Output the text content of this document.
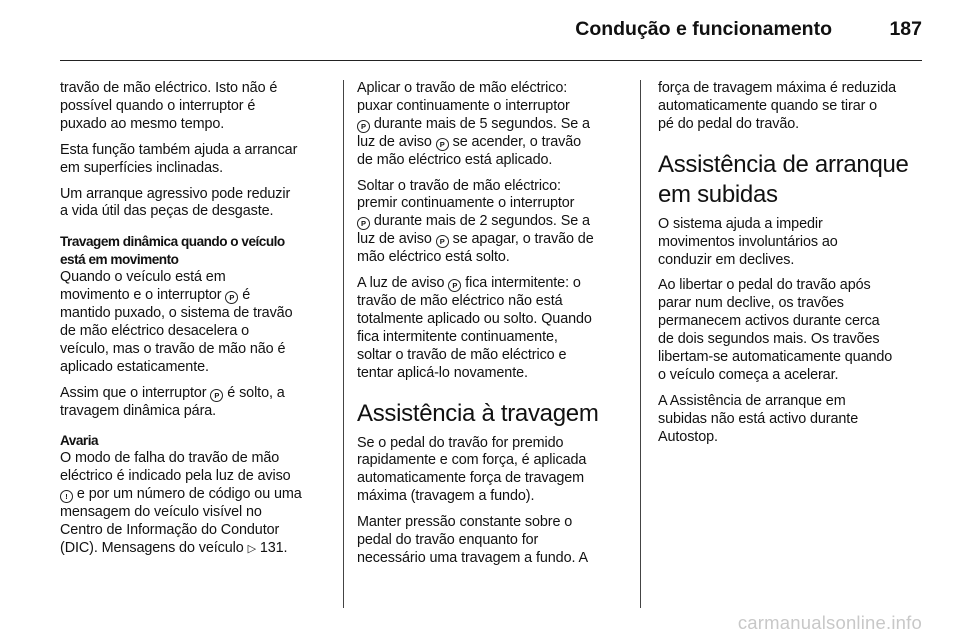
Condução e funcionamento	187

travão de mão eléctrico. Isto não é
possível quando o interruptor é
puxado ao mesmo tempo.

Esta função também ajuda a arrancar
em superfícies inclinadas.

Um arranque agressivo pode reduzir
a vida útil das peças de desgaste.

Travagem dinâmica quando o veículo
está em movimento

Quando o veículo está em
movimento e o interruptor P é
mantido puxado, o sistema de travão
de mão eléctrico desacelera o
veículo, mas o travão de mão não é
aplicado estaticamente.

Assim que o interruptor P é solto, a
travagem dinâmica pára.

Avaria

O modo de falha do travão de mão
eléctrico é indicado pela luz de aviso
! e por um número de código ou uma
mensagem do veículo visível no
Centro de Informação do Condutor
(DIC). Mensagens do veículo ▷ 131.

Aplicar o travão de mão eléctrico:
puxar continuamente o interruptor
P durante mais de 5 segundos. Se a
luz de aviso P se acender, o travão
de mão eléctrico está aplicado.

Soltar o travão de mão eléctrico:
premir continuamente o interruptor
P durante mais de 2 segundos. Se a
luz de aviso P se apagar, o travão de
mão eléctrico está solto.

A luz de aviso P fica intermitente: o
travão de mão eléctrico não está
totalmente aplicado ou solto. Quando
fica intermitente continuamente,
soltar o travão de mão eléctrico e
tentar aplicá-lo novamente.

Assistência à travagem

Se o pedal do travão for premido
rapidamente e com força, é aplicada
automaticamente força de travagem
máxima (travagem a fundo).

Manter pressão constante sobre o
pedal do travão enquanto for
necessário uma travagem a fundo. A

força de travagem máxima é reduzida
automaticamente quando se tirar o
pé do pedal do travão.

Assistência de arranque
em subidas

O sistema ajuda a impedir
movimentos involuntários ao
conduzir em declives.

Ao libertar o pedal do travão após
parar num declive, os travões
permanecem activos durante cerca
de dois segundos mais. Os travões
libertam-se automaticamente quando
o veículo começa a acelerar.

A Assistência de arranque em
subidas não está activo durante
Autostop.

carmanualsonline.info
